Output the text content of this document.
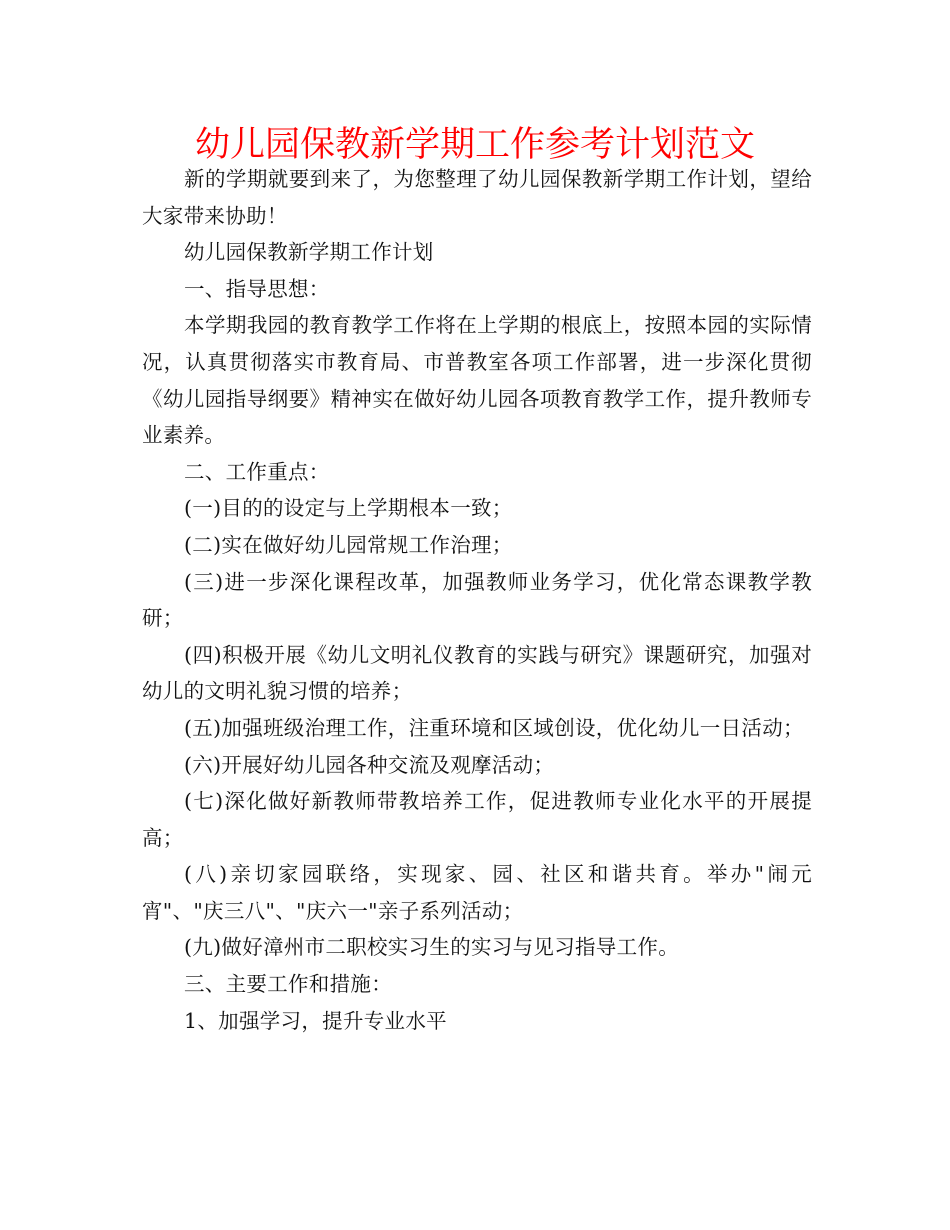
幼儿园保教新学期工作参考计划范文

新的学期就要到来了，为您整理了幼儿园保教新学期工作计划，望给大家带来协助！

幼儿园保教新学期工作计划

一、指导思想：

本学期我园的教育教学工作将在上学期的根底上，按照本园的实际情况，认真贯彻落实市教育局、市普教室各项工作部署，进一步深化贯彻《幼儿园指导纲要》精神实在做好幼儿园各项教育教学工作，提升教师专业素养。

二、工作重点：

(一)目的的设定与上学期根本一致；

(二)实在做好幼儿园常规工作治理；

(三)进一步深化课程改革，加强教师业务学习，优化常态课教学教研；

(四)积极开展《幼儿文明礼仪教育的实践与研究》课题研究，加强对幼儿的文明礼貌习惯的培养；

(五)加强班级治理工作，注重环境和区域创设，优化幼儿一日活动；

(六)开展好幼儿园各种交流及观摩活动；

(七)深化做好新教师带教培养工作，促进教师专业化水平的开展提高；

(八)亲切家园联络，实现家、园、社区和谐共育。举办"闹元宵"、"庆三八"、"庆六一"亲子系列活动；

(九)做好漳州市二职校实习生的实习与见习指导工作。

三、主要工作和措施：

1、加强学习，提升专业水平
